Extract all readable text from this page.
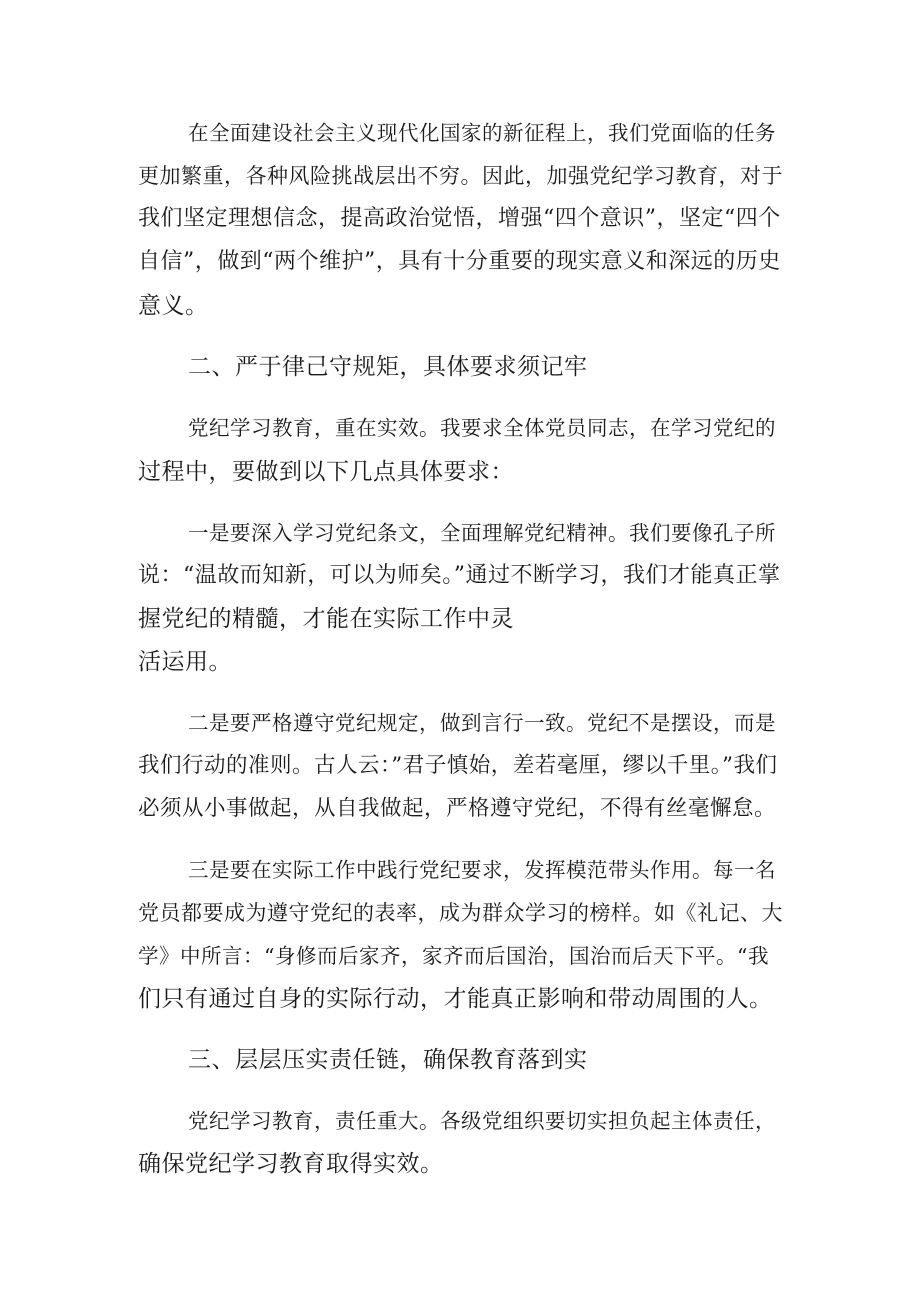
在全面建设社会主义现代化国家的新征程上，我们党面临的任务

更加繁重，各种风险挑战层出不穷。因此，加强党纪学习教育，对于

我们坚定理想信念，提高政治觉悟，增强“四个意识”，坚定“四个

自信”，做到“两个维护”，具有十分重要的现实意义和深远的历史

意义。

二、严于律己守规矩，具体要求须记牢

党纪学习教育，重在实效。我要求全体党员同志，在学习党纪的

过程中，要做到以下几点具体要求：

一是要深入学习党纪条文，全面理解党纪精神。我们要像孔子所

说：“温故而知新，可以为师矣。”通过不断学习，我们才能真正掌

握党纪的精髓，才能在实际工作中灵

活运用。

二是要严格遵守党纪规定，做到言行一致。党纪不是摆设，而是

我们行动的准则。古人云：”君子慎始，差若毫厘，缪以千里。”我们

必须从小事做起，从自我做起，严格遵守党纪，不得有丝毫懈怠。

三是要在实际工作中践行党纪要求，发挥模范带头作用。每一名

党员都要成为遵守党纪的表率，成为群众学习的榜样。如《礼记、大

学》中所言：“身修而后家齐，家齐而后国治，国治而后天下平。“我

们只有通过自身的实际行动，才能真正影响和带动周围的人。

三、层层压实责任链，确保教育落到实

党纪学习教育，责任重大。各级党组织要切实担负起主体责任，

确保党纪学习教育取得实效。
